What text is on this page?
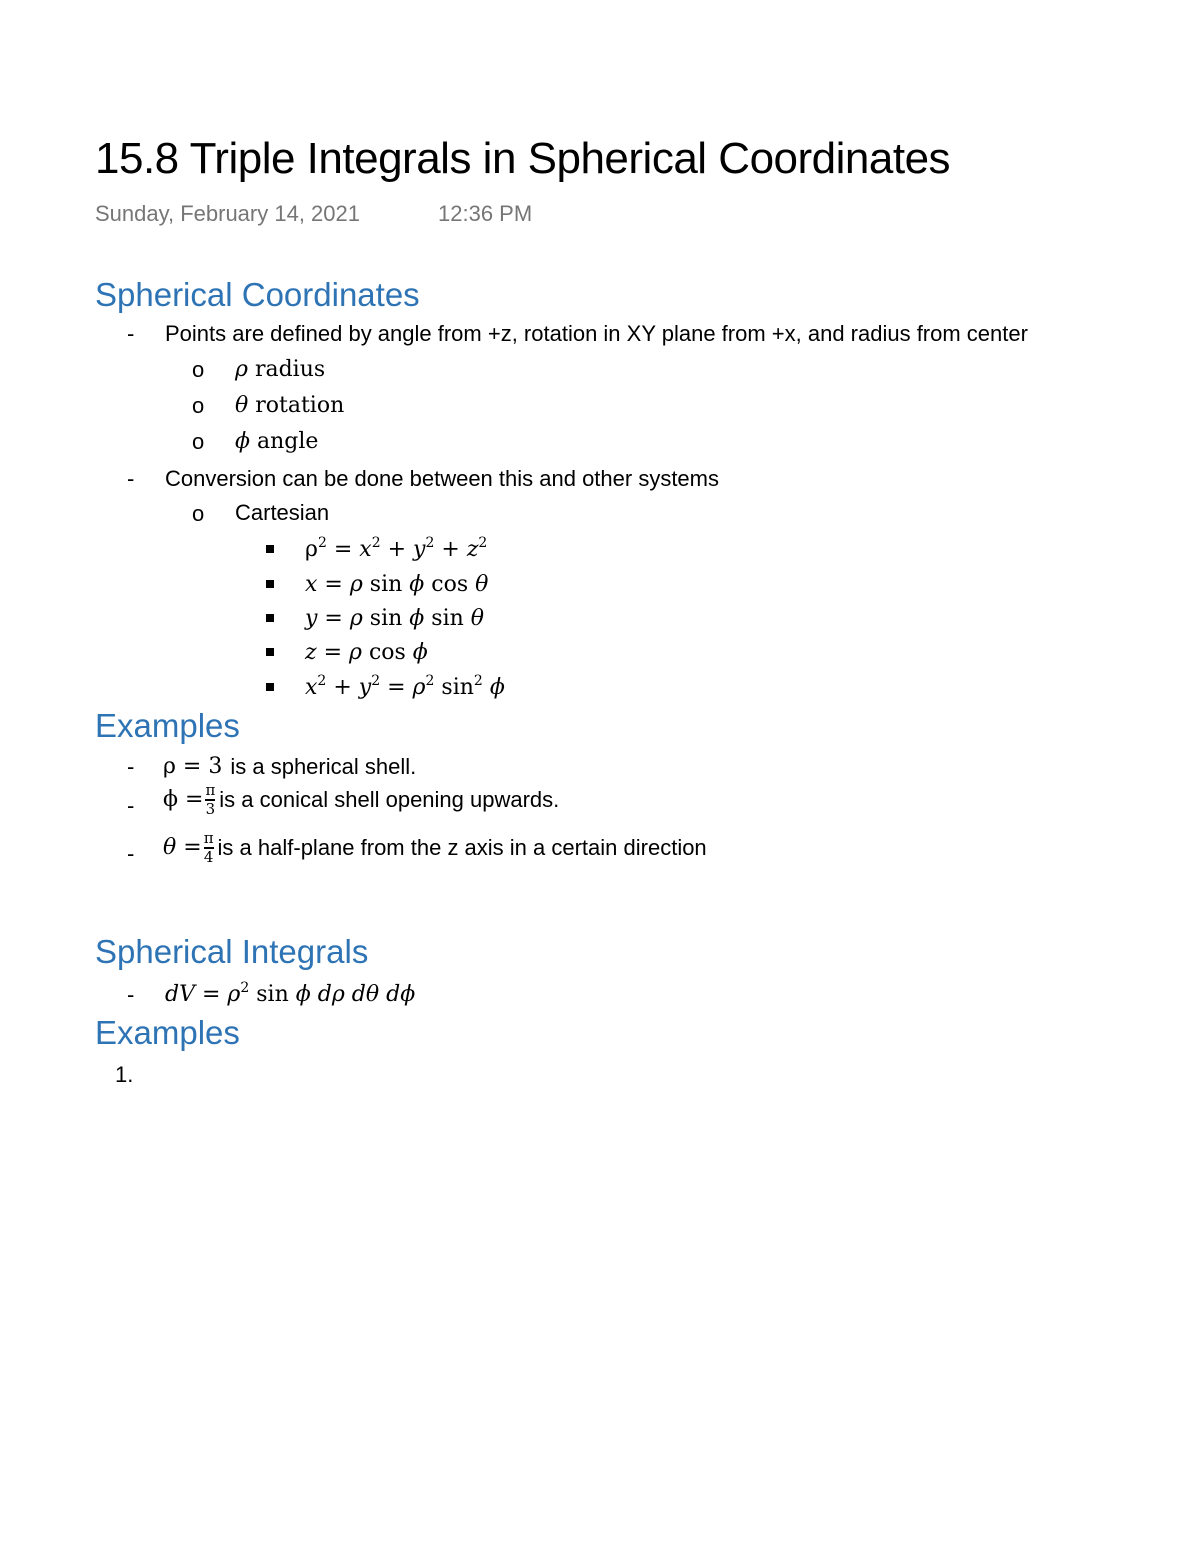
15.8 Triple Integrals in Spherical Coordinates
Sunday, February 14, 2021	12:36 PM
Spherical Coordinates
- Points are defined by angle from +z, rotation in XY plane from +x, and radius from center
o ρ radius
o θ rotation
o ϕ angle
- Conversion can be done between this and other systems
o Cartesian
$\rho^2 = x^2 + y^2 + z^2$
x = ρ sin ϕ cos θ
y = ρ sin ϕ sin θ
z = ρ cos ϕ
$x^2 + y^2 = \rho^2$ $\sin^2 \phi$
Examples
- ρ = 3 is a spherical shell.
- $\phi = \frac{\pi}{3}$ is a conical shell opening upwards.
- $\theta = \frac{\pi}{4}$ is a half-plane from the z axis in a certain direction
Spherical Integrals
- dV = $\rho^2$ sin ϕ dρ dθ dϕ
Examples
1.
